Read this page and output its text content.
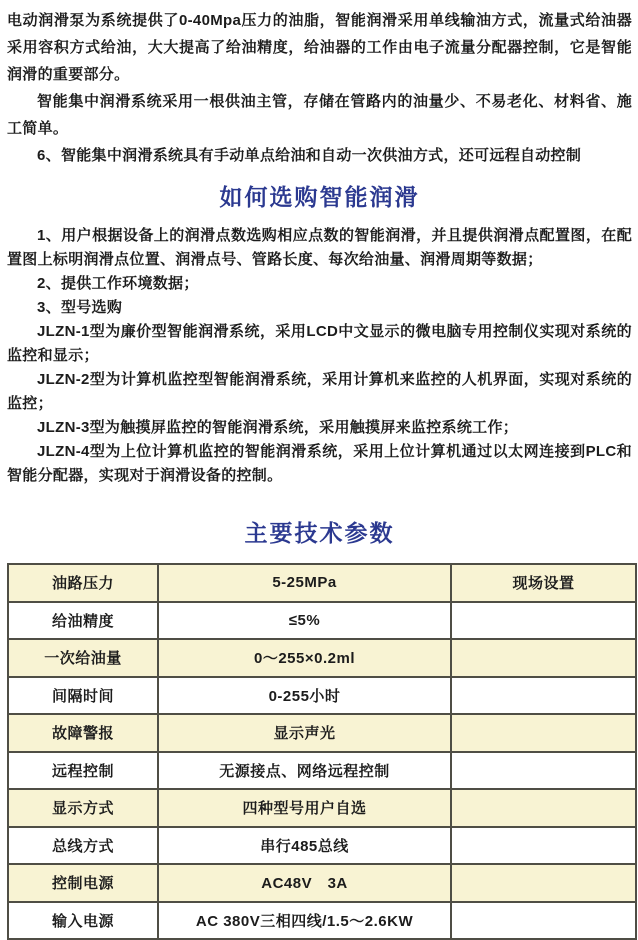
电动润滑泵为系统提供了0-40Mpa压力的油脂，智能润滑采用单线输油方式，流量式给油器采用容积方式给油，大大提高了给油精度，给油器的工作由电子流量分配器控制，它是智能润滑的重要部分。

智能集中润滑系统采用一根供油主管，存储在管路内的油量少、不易老化、材料省、施工简单。

6、智能集中润滑系统具有手动单点给油和自动一次供油方式，还可远程自动控制

如何选购智能润滑

1、用户根据设备上的润滑点数选购相应点数的智能润滑，并且提供润滑点配置图，在配置图上标明润滑点位置、润滑点号、管路长度、每次给油量、润滑周期等数据；

2、提供工作环境数据；

3、型号选购

JLZN-1型为廉价型智能润滑系统，采用LCD中文显示的微电脑专用控制仪实现对系统的监控和显示；

JLZN-2型为计算机监控型智能润滑系统，采用计算机来监控的人机界面，实现对系统的监控；

JLZN-3型为触摸屏监控的智能润滑系统，采用触摸屏来监控系统工作；

JLZN-4型为上位计算机监控的智能润滑系统，采用上位计算机通过以太网连接到PLC和智能分配器，实现对于润滑设备的控制。

主要技术参数
油路压力	5-25MPa	现场设置
给油精度	≤5%	
一次给油量	0～255×0.2ml	
间隔时间	0-255小时	
故障警报	显示声光	
远程控制	无源接点、网络远程控制	
显示方式	四种型号用户自选	
总线方式	串行485总线	
控制电源	AC48V　3A	
输入电源	AC 380V三相四线/1.5～2.6KW	
